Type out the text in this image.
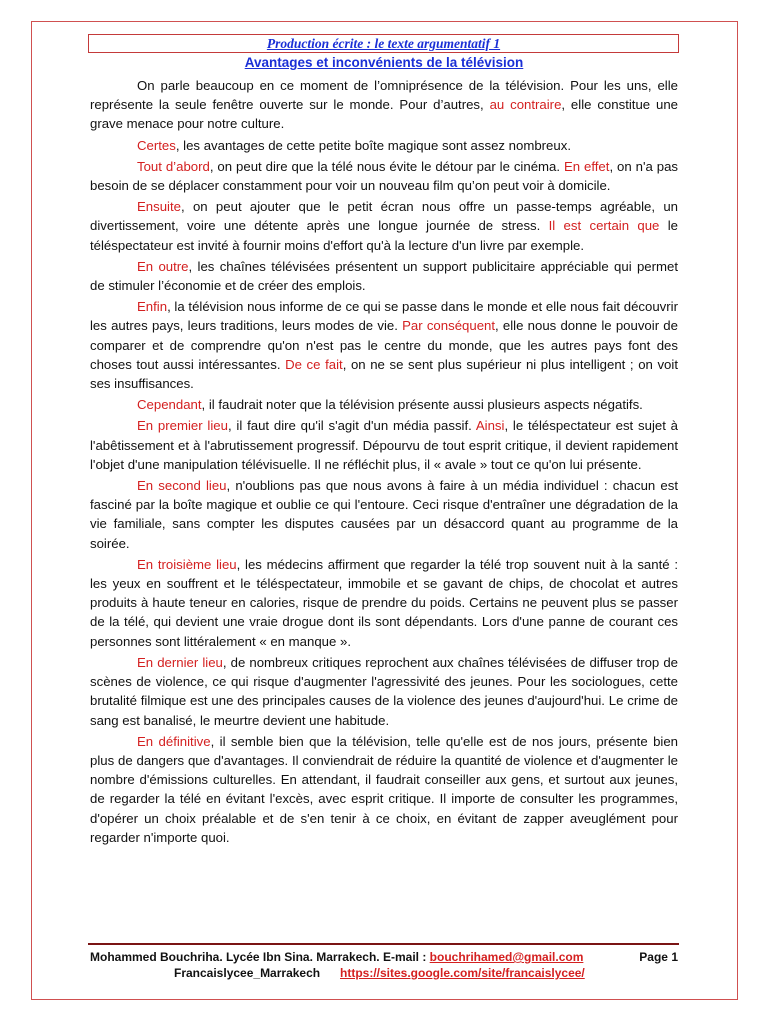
Production écrite : le texte argumentatif 1
Avantages et inconvénients de la télévision

On parle beaucoup en ce moment de l’omniprésence de la télévision. Pour les uns, elle représente la seule fenêtre ouverte sur le monde. Pour d’autres, au contraire, elle constitue une grave menace pour notre culture.

Certes, les avantages de cette petite boîte magique sont assez nombreux.

Tout d’abord, on peut dire que la télé nous évite le détour par le cinéma. En effet, on n'a pas besoin de se déplacer constamment pour voir un nouveau film qu’on peut voir à domicile.

Ensuite, on peut ajouter que le petit écran nous offre un passe-temps agréable, un divertissement, voire une détente après une longue journée de stress. Il est certain que le téléspectateur est invité à fournir moins d'effort qu'à la lecture d'un livre par exemple.

En outre, les chaînes télévisées présentent un support publicitaire appréciable qui permet de stimuler l’économie et de créer des emplois.

Enfin, la télévision nous informe de ce qui se passe dans le monde et elle nous fait découvrir les autres pays, leurs traditions, leurs modes de vie. Par conséquent, elle nous donne le pouvoir de comparer et de comprendre qu'on n'est pas le centre du monde, que les autres pays font des choses tout aussi intéressantes. De ce fait, on ne se sent plus supérieur ni plus intelligent ; on voit ses insuffisances.

Cependant, il faudrait noter que la télévision présente aussi plusieurs aspects négatifs.

En premier lieu, il faut dire qu'il s'agit d'un média passif. Ainsi, le téléspectateur est sujet à l'abêtissement et à l'abrutissement progressif. Dépourvu de tout esprit critique, il devient rapidement l'objet d'une manipulation télévisuelle. Il ne réfléchit plus, il « avale » tout ce qu'on lui présente.

En second lieu, n'oublions pas que nous avons à faire à un média individuel : chacun est fasciné par la boîte magique et oublie ce qui l'entoure. Ceci risque d'entraîner une dégradation de la vie familiale, sans compter les disputes causées par un désaccord quant au programme de la soirée.

En troisième lieu, les médecins affirment que regarder la télé trop souvent nuit à la santé : les yeux en souffrent et le téléspectateur, immobile et se gavant de chips, de chocolat et autres produits à haute teneur en calories, risque de prendre du poids. Certains ne peuvent plus se passer de la télé, qui devient une vraie drogue dont ils sont dépendants. Lors d'une panne de courant ces personnes sont littéralement « en manque ».

En dernier lieu, de nombreux critiques reprochent aux chaînes télévisées de diffuser trop de scènes de violence, ce qui risque d'augmenter l'agressivité des jeunes. Pour les sociologues, cette brutalité filmique est une des principales causes de la violence des jeunes d'aujourd'hui. Le crime de sang est banalisé, le meurtre devient une habitude.

En définitive, il semble bien que la télévision, telle qu'elle est de nos jours, présente bien plus de dangers que d'avantages. Il conviendrait de réduire la quantité de violence et d'augmenter le nombre d'émissions culturelles. En attendant, il faudrait conseiller aux gens, et surtout aux jeunes, de regarder la télé en évitant l'excès, avec esprit critique. Il importe de consulter les programmes, d'opérer un choix préalable et de s'en tenir à ce choix, en évitant de zapper aveuglément pour regarder n'importe quoi.

Mohammed Bouchriha. Lycée Ibn Sina. Marrakech. E-mail : bouchrihamed@gmail.com	Page 1
Francaislycee_Marrakech https://sites.google.com/site/francaislycee/
